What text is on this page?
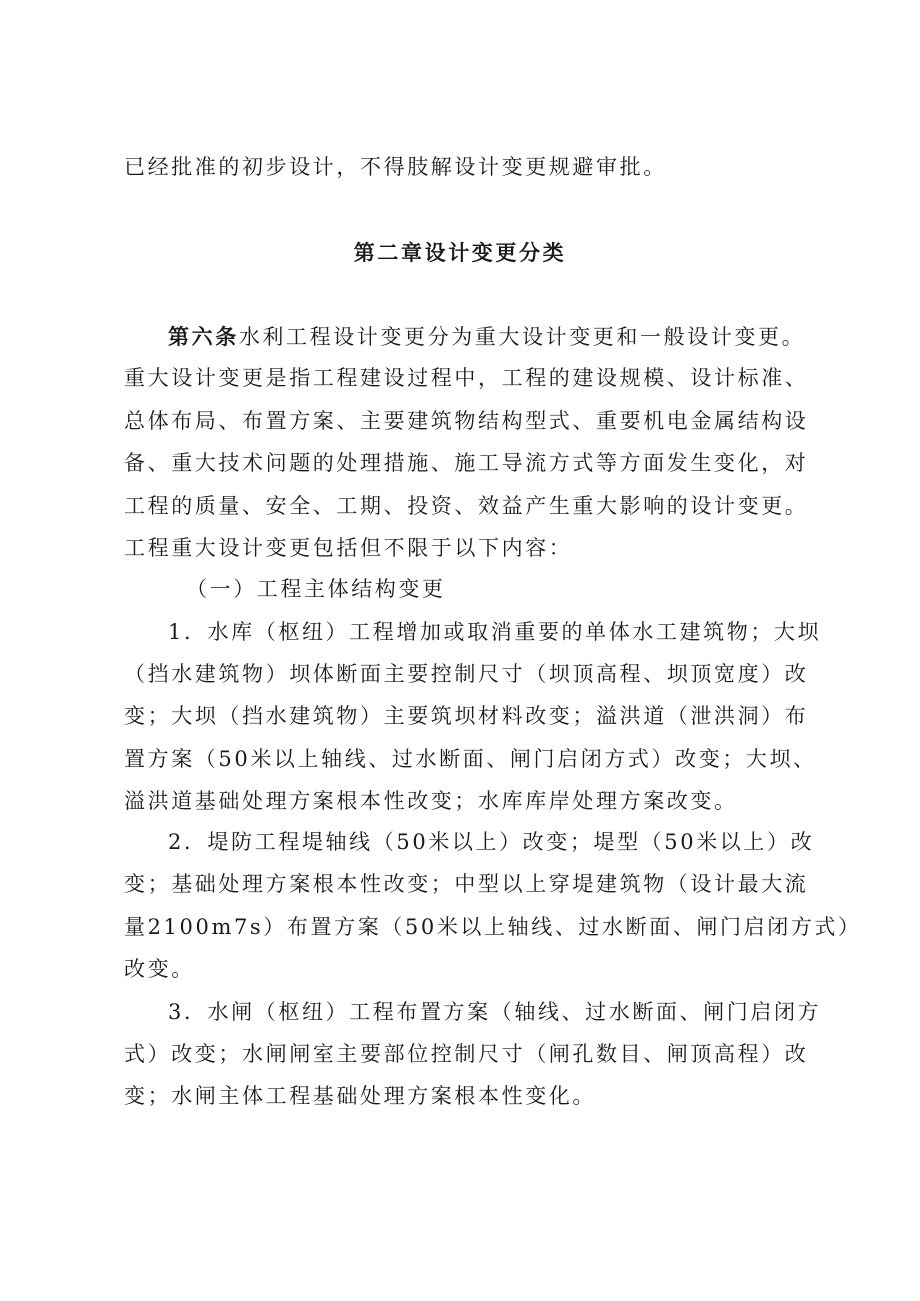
已经批准的初步设计，不得肢解设计变更规避审批。

第二章设计变更分类

第六条水利工程设计变更分为重大设计变更和一般设计变更。

重大设计变更是指工程建设过程中，工程的建设规模、设计标准、

总体布局、布置方案、主要建筑物结构型式、重要机电金属结构设

备、重大技术问题的处理措施、施工导流方式等方面发生变化，对

工程的质量、安全、工期、投资、效益产生重大影响的设计变更。

工程重大设计变更包括但不限于以下内容：

（一）工程主体结构变更

1．水库（枢纽）工程增加或取消重要的单体水工建筑物；大坝

（挡水建筑物）坝体断面主要控制尺寸（坝顶高程、坝顶宽度）改

变；大坝（挡水建筑物）主要筑坝材料改变；溢洪道（泄洪洞）布

置方案（50米以上轴线、过水断面、闸门启闭方式）改变；大坝、

溢洪道基础处理方案根本性改变；水库库岸处理方案改变。

2．堤防工程堤轴线（50米以上）改变；堤型（50米以上）改

变；基础处理方案根本性改变；中型以上穿堤建筑物（设计最大流

量2100m7s）布置方案（50米以上轴线、过水断面、闸门启闭方式）

改变。

3．水闸（枢纽）工程布置方案（轴线、过水断面、闸门启闭方

式）改变；水闸闸室主要部位控制尺寸（闸孔数目、闸顶高程）改

变；水闸主体工程基础处理方案根本性变化。
